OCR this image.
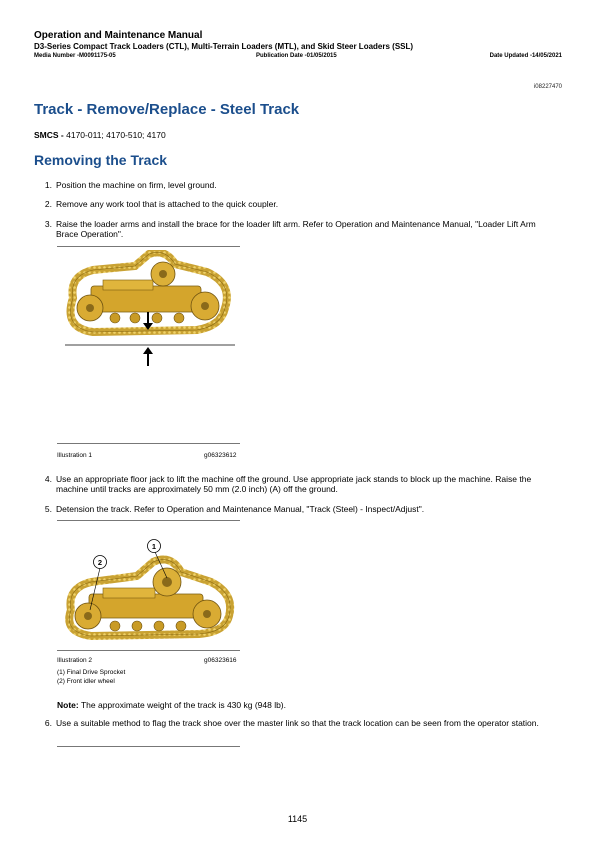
Operation and Maintenance Manual
D3-Series Compact Track Loaders (CTL), Multi-Terrain Loaders (MTL), and Skid Steer Loaders (SSL)
Media Number -M0091175-05	Publication Date -01/05/2015	Date Updated -14/05/2021
i08227470
Track - Remove/Replace - Steel Track
SMCS - 4170-011; 4170-510; 4170
Removing the Track
1. Position the machine on firm, level ground.
2. Remove any work tool that is attached to the quick coupler.
3. Raise the loader arms and install the brace for the loader lift arm. Refer to Operation and Maintenance Manual, "Loader Lift Arm Brace Operation".
Illustration 1	g06323612
4. Use an appropriate floor jack to lift the machine off the ground. Use appropriate jack stands to block up the machine. Raise the machine until tracks are approximately 50 mm (2.0 inch) (A) off the ground.
5. Detension the track. Refer to Operation and Maintenance Manual, "Track (Steel) - Inspect/Adjust".
1
2
Illustration 2	g06323616
(1) Final Drive Sprocket
(2) Front idler wheel
Note: The approximate weight of the track is 430 kg (948 lb).
6. Use a suitable method to flag the track shoe over the master link so that the track location can be seen from the operator station.
1145
